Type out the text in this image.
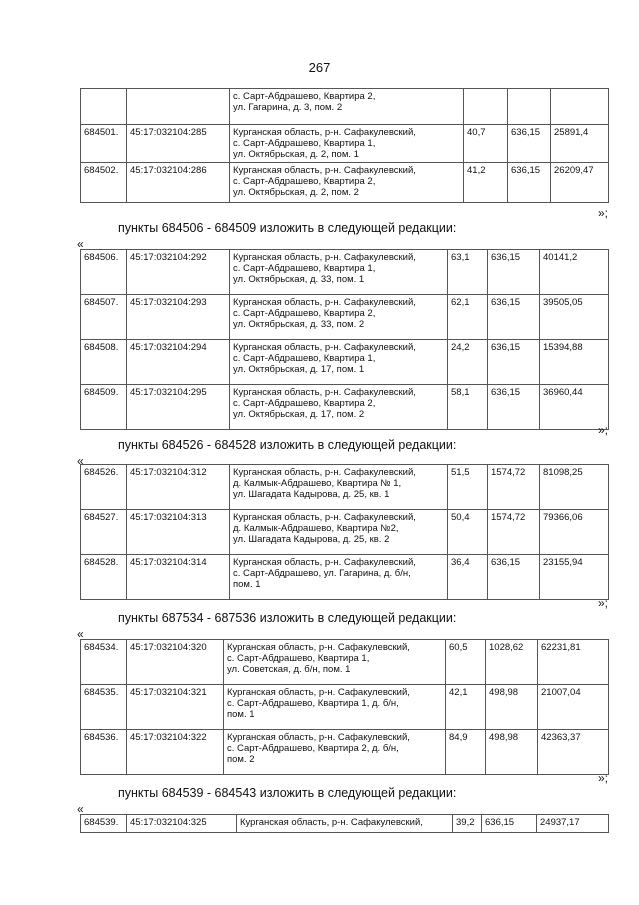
267

		с. Сарт-Абдрашево, Квартира 2,
ул. Гагарина, д. 3, пом. 2			

684501.	45:17:032104:285	Курганская область, р-н. Сафакулевский,
с. Сарт-Абдрашево, Квартира 1,
ул. Октябрьская, д. 2, пом. 1	40,7	636,15	25891,4
684502.	45:17:032104:286	Курганская область, р-н. Сафакулевский,
с. Сарт-Абдрашево, Квартира 2,
ул. Октябрьская, д. 2, пом. 2	41,2	636,15	26209,47
»;
пункты 684506 - 684509 изложить в следующей редакции:
«
684506.	45:17:032104:292	Курганская область, р-н. Сафакулевский,
с. Сарт-Абдрашево, Квартира 1,
ул. Октябрьская, д. 33, пом. 1	63,1	636,15	40141,2
684507.	45:17:032104:293	Курганская область, р-н. Сафакулевский,
с. Сарт-Абдрашево, Квартира 2,
ул. Октябрьская, д. 33, пом. 2	62,1	636,15	39505,05
684508.	45:17:032104:294	Курганская область, р-н. Сафакулевский,
с. Сарт-Абдрашево, Квартира 1,
ул. Октябрьская, д. 17, пом. 1	24,2	636,15	15394,88
684509.	45:17:032104:295	Курганская область, р-н. Сафакулевский,
с. Сарт-Абдрашево, Квартира 2,
ул. Октябрьская, д. 17, пом. 2	58,1	636,15	36960,44
»;
пункты 684526 - 684528 изложить в следующей редакции:
«
684526.	45:17:032104:312	Курганская область, р-н. Сафакулевский,
д. Калмык-Абдрашево, Квартира № 1,
ул. Шагадата Кадырова, д. 25, кв. 1	51,5	1574,72	81098,25
684527.	45:17:032104:313	Курганская область, р-н. Сафакулевский,
д. Калмык-Абдрашево, Квартира №2,
ул. Шагадата Кадырова, д. 25, кв. 2	50,4	1574,72	79366,06
684528.	45:17:032104:314	Курганская область, р-н. Сафакулевский,
с. Сарт-Абдрашево, ул. Гагарина, д. б/н,
пом. 1	36,4	636,15	23155,94
»;
пункты 687534 - 687536 изложить в следующей редакции:
«
684534.	45:17:032104:320	Курганская область, р-н. Сафакулевский,
с. Сарт-Абдрашево, Квартира 1,
ул. Советская, д. б/н, пом. 1	60,5	1028,62	62231,81
684535.	45:17:032104:321	Курганская область, р-н. Сафакулевский,
с. Сарт-Абдрашево, Квартира 1, д. б/н,
пом. 1	42,1	498,98	21007,04
684536.	45:17:032104:322	Курганская область, р-н. Сафакулевский,
с. Сарт-Абдрашево, Квартира 2, д. б/н,
пом. 2	84,9	498,98	42363,37
»;
пункты 684539 - 684543 изложить в следующей редакции:
«
684539.	45:17:032104:325	Курганская область, р-н. Сафакулевский,	39,2	636,15	24937,17
